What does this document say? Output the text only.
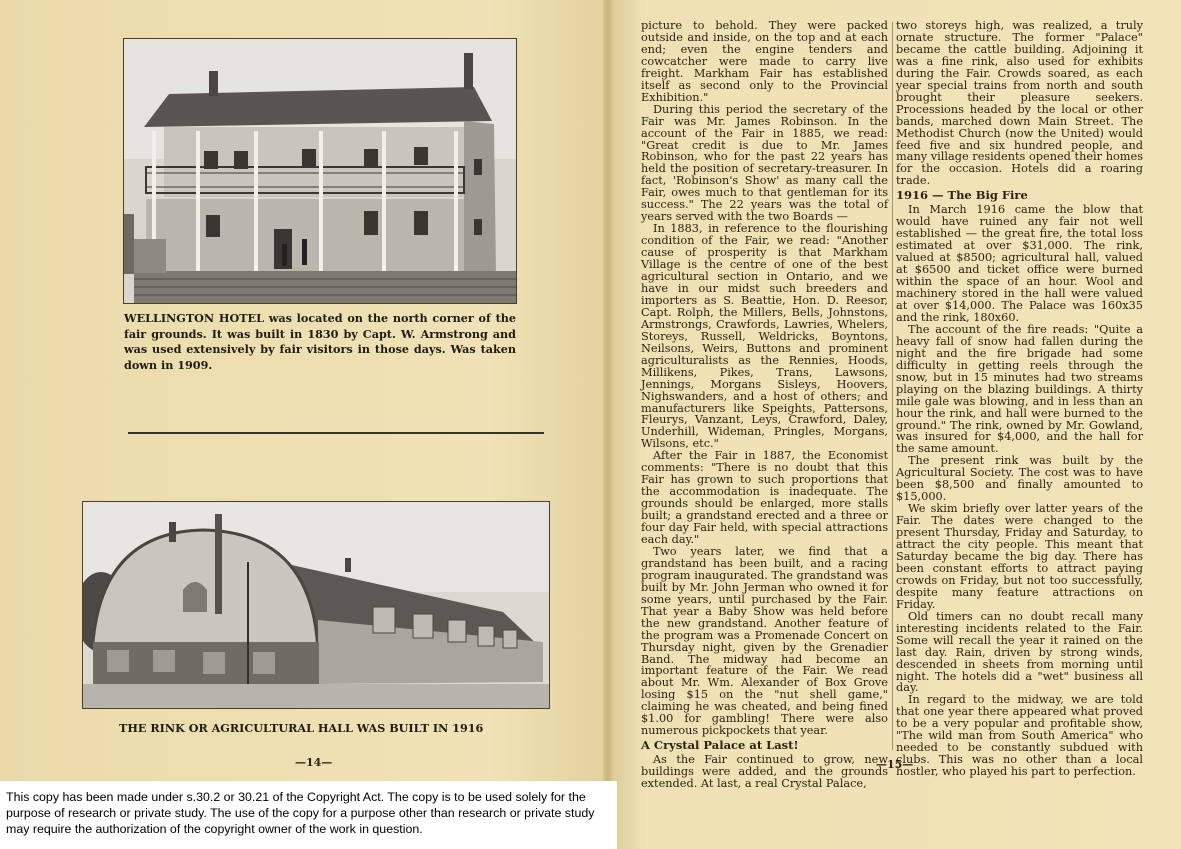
WELLINGTON HOTEL was located on the north corner of the fair grounds. It was built in 1830 by Capt. W. Armstrong and was used extensively by fair visitors in those days. Was taken down in 1909.

THE RINK OR AGRICULTURAL HALL WAS BUILT IN 1916

—14—

picture to behold. They were packed outside and inside, on the top and at each end; even the engine tenders and cowcatcher were made to carry live freight. Markham Fair has established itself as second only to the Provincial Exhibition."

During this period the secretary of the Fair was Mr. James Robinson. In the account of the Fair in 1885, we read: "Great credit is due to Mr. James Robinson, who for the past 22 years has held the position of secretary-treasurer. In fact, 'Robinson's Show' as many call the Fair, owes much to that gentleman for its success." The 22 years was the total of years served with the two Boards —

In 1883, in reference to the flourishing condition of the Fair, we read: "Another cause of prosperity is that Markham Village is the centre of one of the best agricultural section in Ontario, and we have in our midst such breeders and importers as S. Beattie, Hon. D. Reesor, Capt. Rolph, the Millers, Bells, Johnstons, Armstrongs, Crawfords, Lawries, Whelers, Storeys, Russell, Weldricks, Boyntons, Neilsons, Weirs, Buttons and prominent agriculturalists as the Rennies, Hoods, Millikens, Pikes, Trans, Lawsons, Jennings, Morgans Sisleys, Hoovers, Nighswanders, and a host of others; and manufacturers like Speights, Pattersons, Fleurys, Vanzant, Leys, Crawford, Daley, Underhill, Wideman, Pringles, Morgans, Wilsons, etc."

After the Fair in 1887, the Economist comments: "There is no doubt that this Fair has grown to such proportions that the accommodation is inadequate. The grounds should be enlarged, more stalls built; a grandstand erected and a three or four day Fair held, with special attractions each day."

Two years later, we find that a grandstand has been built, and a racing program inaugurated. The grandstand was built by Mr. John Jerman who owned it for some years, until purchased by the Fair. That year a Baby Show was held before the new grandstand. Another feature of the program was a Promenade Concert on Thursday night, given by the Grenadier Band. The midway had become an important feature of the Fair. We read about Mr. Wm. Alexander of Box Grove losing $15 on the "nut shell game," claiming he was cheated, and being fined $1.00 for gambling! There were also numerous pickpockets that year.

A Crystal Palace at Last!

As the Fair continued to grow, new buildings were added, and the grounds extended. At last, a real Crystal Palace,

two storeys high, was realized, a truly ornate structure. The former "Palace" became the cattle building. Adjoining it was a fine rink, also used for exhibits during the Fair. Crowds soared, as each year special trains from north and south brought their pleasure seekers. Processions headed by the local or other bands, marched down Main Street. The Methodist Church (now the United) would feed five and six hundred people, and many village residents opened their homes for the occasion. Hotels did a roaring trade.

1916 — The Big Fire

In March 1916 came the blow that would have ruined any fair not well established — the great fire, the total loss estimated at over $31,000. The rink, valued at $8500; agricultural hall, valued at $6500 and ticket office were burned within the space of an hour. Wool and machinery stored in the hall were valued at over $14,000. The Palace was 160x35 and the rink, 180x60.

The account of the fire reads: "Quite a heavy fall of snow had fallen during the night and the fire brigade had some difficulty in getting reels through the snow, but in 15 minutes had two streams playing on the blazing buildings. A thirty mile gale was blowing, and in less than an hour the rink, and hall were burned to the ground." The rink, owned by Mr. Gowland, was insured for $4,000, and the hall for the same amount.

The present rink was built by the Agricultural Society. The cost was to have been $8,500 and finally amounted to $15,000.

We skim briefly over latter years of the Fair. The dates were changed to the present Thursday, Friday and Saturday, to attract the city people. This meant that Saturday became the big day. There has been constant efforts to attract paying crowds on Friday, but not too successfully, despite many feature attractions on Friday.

Old timers can no doubt recall many interesting incidents related to the Fair. Some will recall the year it rained on the last day. Rain, driven by strong winds, descended in sheets from morning until night. The hotels did a "wet" business all day.

In regard to the midway, we are told that one year there appeared what proved to be a very popular and profitable show, "The wild man from South America" who needed to be constantly subdued with clubs. This was no other than a local hostler, who played his part to perfection.

—15—

This copy has been made under s.30.2 or 30.21 of the Copyright Act. The copy is to be used solely for the purpose of research or private study. The use of the copy for a purpose other than research or private study may require the authorization of the copyright owner of the work in question.
